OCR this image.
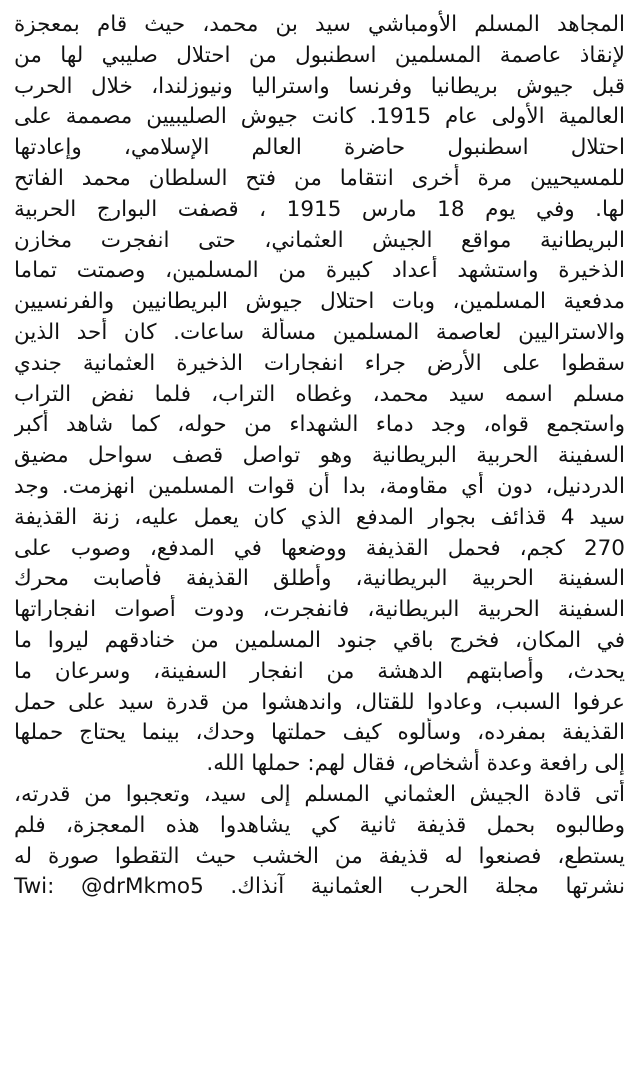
المجاهد المسلم الأومباشي سيد بن محمد، حيث قام بمعجزة
لإنقاذ عاصمة المسلمين اسطنبول من احتلال صليبي لها من
قبل جيوش بريطانيا وفرنسا واستراليا ونيوزلندا، خلال الحرب
العالمية الأولى عام 1915. كانت جيوش الصليبيين مصممة على
احتلال اسطنبول حاضرة العالم الإسلامي، وإعادتها
للمسيحيين مرة أخرى انتقاما من فتح السلطان محمد الفاتح
لها. وفي يوم 18 مارس 1915 ، قصفت البوارج الحربية
البريطانية مواقع الجيش العثماني، حتى انفجرت مخازن
الذخيرة واستشهد أعداد كبيرة من المسلمين، وصمتت تماما
مدفعية المسلمين، وبات احتلال جيوش البريطانيين والفرنسيين
والاستراليين لعاصمة المسلمين مسألة ساعات. كان أحد الذين
سقطوا على الأرض جراء انفجارات الذخيرة العثمانية جندي
مسلم اسمه سيد محمد، وغطاه التراب، فلما نفض التراب
واستجمع قواه، وجد دماء الشهداء من حوله، كما شاهد أكبر
السفينة الحربية البريطانية وهو تواصل قصف سواحل مضيق
الدردنيل، دون أي مقاومة، بدا أن قوات المسلمين انهزمت. وجد
سيد 4 قذائف بجوار المدفع الذي كان يعمل عليه، زنة القذيفة
270 كجم، فحمل القذيفة ووضعها في المدفع، وصوب على
السفينة الحربية البريطانية، وأطلق القذيفة فأصابت محرك
السفينة الحربية البريطانية، فانفجرت، ودوت أصوات انفجاراتها
في المكان، فخرج باقي جنود المسلمين من خنادقهم ليروا ما
يحدث، وأصابتهم الدهشة من انفجار السفينة، وسرعان ما
عرفوا السبب، وعادوا للقتال، واندهشوا من قدرة سيد على حمل
القذيفة بمفرده، وسألوه كيف حملتها وحدك، بينما يحتاج حملها
إلى رافعة وعدة أشخاص، فقال لهم: حملها الله.
أتى قادة الجيش العثماني المسلم إلى سيد، وتعجبوا من قدرته،
وطالبوه بحمل قذيفة ثانية كي يشاهدوا هذه المعجزة، فلم
يستطع، فصنعوا له قذيفة من الخشب حيث التقطوا صورة له
نشرتها مجلة الحرب العثمانية آنذاك. Twi: @drMkmo5
